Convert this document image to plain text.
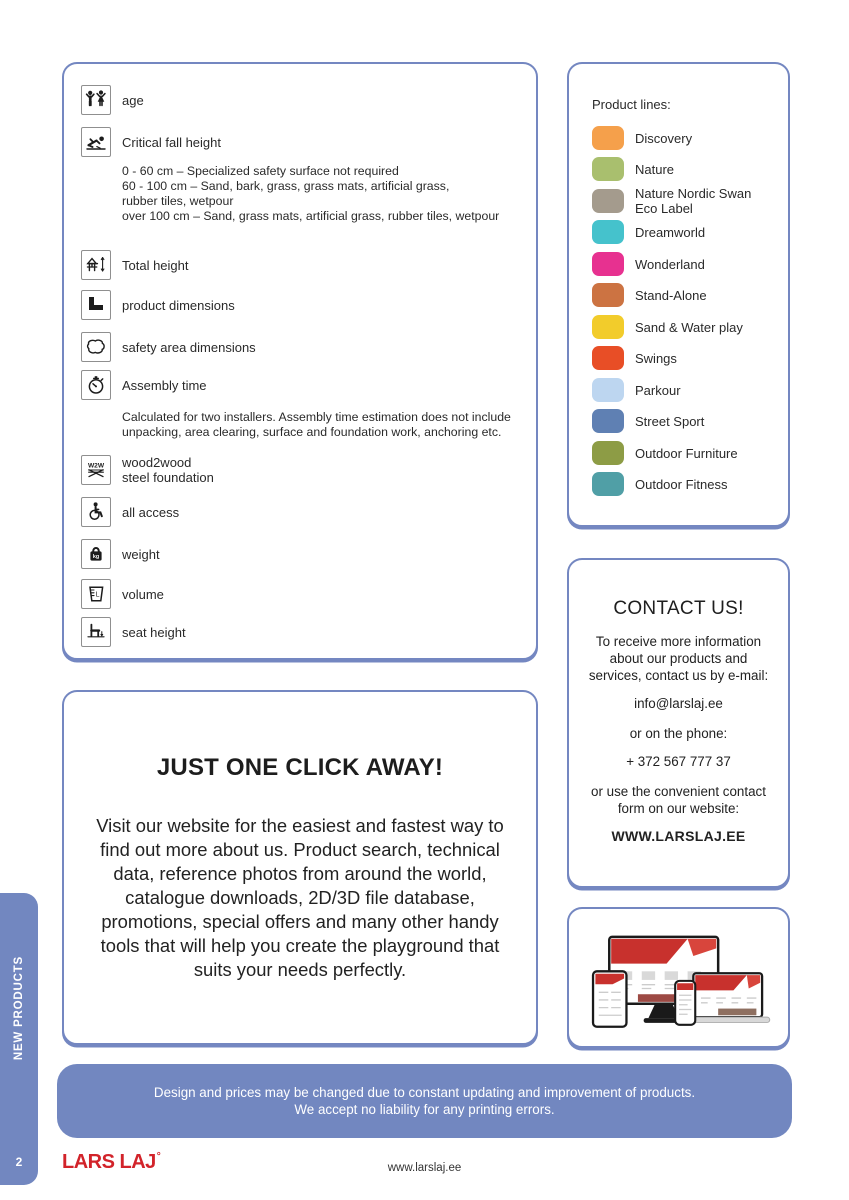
age
Critical fall height
0 - 60 cm – Specialized safety surface not required
60 - 100 cm – Sand, bark, grass, grass mats, artificial grass,
rubber tiles, wetpour
over 100 cm – Sand, grass mats, artificial grass, rubber tiles, wetpour
Total height
product dimensions
safety area dimensions
Assembly time
Calculated for two installers. Assembly time estimation does not include
unpacking, area clearing, surface and foundation work, anchoring etc.
W2W wood2wood
steel foundation
all access
kg weight
L volume
seat height
Product lines:
Discovery
Nature
Nature Nordic Swan Eco Label
Dreamworld
Wonderland
Stand-Alone
Sand & Water play
Swings
Parkour
Street Sport
Outdoor Furniture
Outdoor Fitness
CONTACT US!

To receive more information
about our products and
services, contact us by e-mail:

info@larslaj.ee

or on the phone:

+ 372 567 777 37

or use the convenient contact
form on our website:

WWW.LARSLAJ.EE

JUST ONE CLICK AWAY!

Visit our website for the easiest and fastest way to find out more about us. Product search, technical data, reference photos from around the world, catalogue downloads, 2D/3D file database, promotions, special offers and many other handy tools that will help you create the playground that suits your needs perfectly.

Design and prices may be changed due to constant updating and improvement of products.
We accept no liability for any printing errors.
NEW PRODUCTS
2	LARS LAJ°
www.larslaj.ee
